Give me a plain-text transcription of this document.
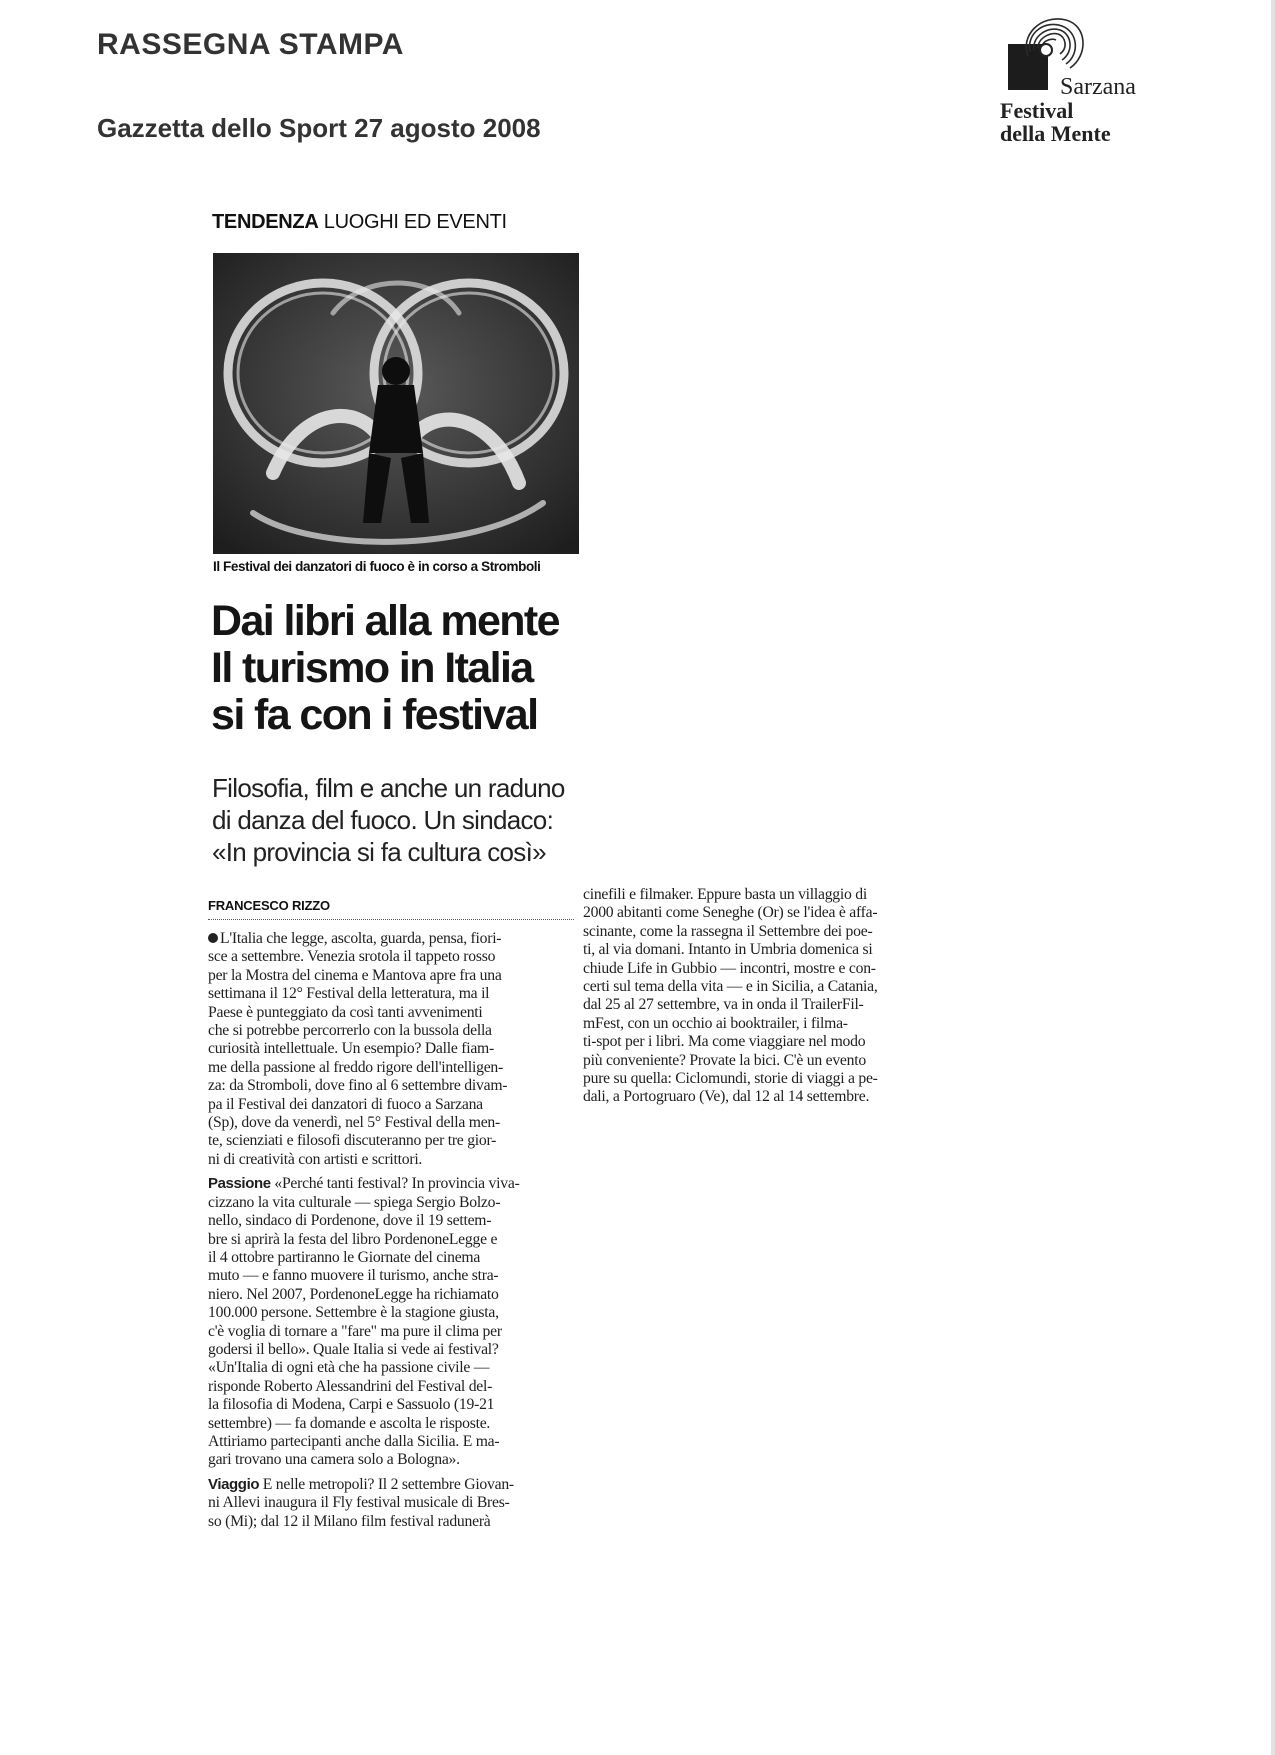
RASSEGNA STAMPA
Gazzetta dello Sport 27 agosto 2008
Sarzana
Festival
della Mente
TENDENZA LUOGHI ED EVENTI
Il Festival dei danzatori di fuoco è in corso a Stromboli
Dai libri alla mente
Il turismo in Italia
si fa con i festival
Filosofia, film e anche un raduno
di danza del fuoco. Un sindaco:
«In provincia si fa cultura così»
FRANCESCO RIZZO

L'Italia che legge, ascolta, guarda, pensa, fiori-
sce a settembre. Venezia srotola il tappeto rosso
per la Mostra del cinema e Mantova apre fra una
settimana il 12° Festival della letteratura, ma il
Paese è punteggiato da così tanti avvenimenti
che si potrebbe percorrerlo con la bussola della
curiosità intellettuale. Un esempio? Dalle fiam-
me della passione al freddo rigore dell'intelligen-
za: da Stromboli, dove fino al 6 settembre divam-
pa il Festival dei danzatori di fuoco a Sarzana
(Sp), dove da venerdì, nel 5° Festival della men-
te, scienziati e filosofi discuteranno per tre gior-
ni di creatività con artisti e scrittori.

Passione «Perché tanti festival? In provincia viva-
cizzano la vita culturale — spiega Sergio Bolzo-
nello, sindaco di Pordenone, dove il 19 settem-
bre si aprirà la festa del libro PordenoneLegge e
il 4 ottobre partiranno le Giornate del cinema
muto — e fanno muovere il turismo, anche stra-
niero. Nel 2007, PordenoneLegge ha richiamato
100.000 persone. Settembre è la stagione giusta,
c'è voglia di tornare a "fare" ma pure il clima per
godersi il bello». Quale Italia si vede ai festival?
«Un'Italia di ogni età che ha passione civile —
risponde Roberto Alessandrini del Festival del-
la filosofia di Modena, Carpi e Sassuolo (19-21
settembre) — fa domande e ascolta le risposte.
Attiriamo partecipanti anche dalla Sicilia. E ma-
gari trovano una camera solo a Bologna».

Viaggio E nelle metropoli? Il 2 settembre Giovan-
ni Allevi inaugura il Fly festival musicale di Bres-
so (Mi); dal 12 il Milano film festival radunerà

cinefili e filmaker. Eppure basta un villaggio di
2000 abitanti come Seneghe (Or) se l'idea è affa-
scinante, come la rassegna il Settembre dei poe-
ti, al via domani. Intanto in Umbria domenica si
chiude Life in Gubbio — incontri, mostre e con-
certi sul tema della vita — e in Sicilia, a Catania,
dal 25 al 27 settembre, va in onda il TrailerFil-
mFest, con un occhio ai booktrailer, i filma-
ti-spot per i libri. Ma come viaggiare nel modo
più conveniente? Provate la bici. C'è un evento
pure su quella: Ciclomundi, storie di viaggi a pe-
dali, a Portogruaro (Ve), dal 12 al 14 settembre.
